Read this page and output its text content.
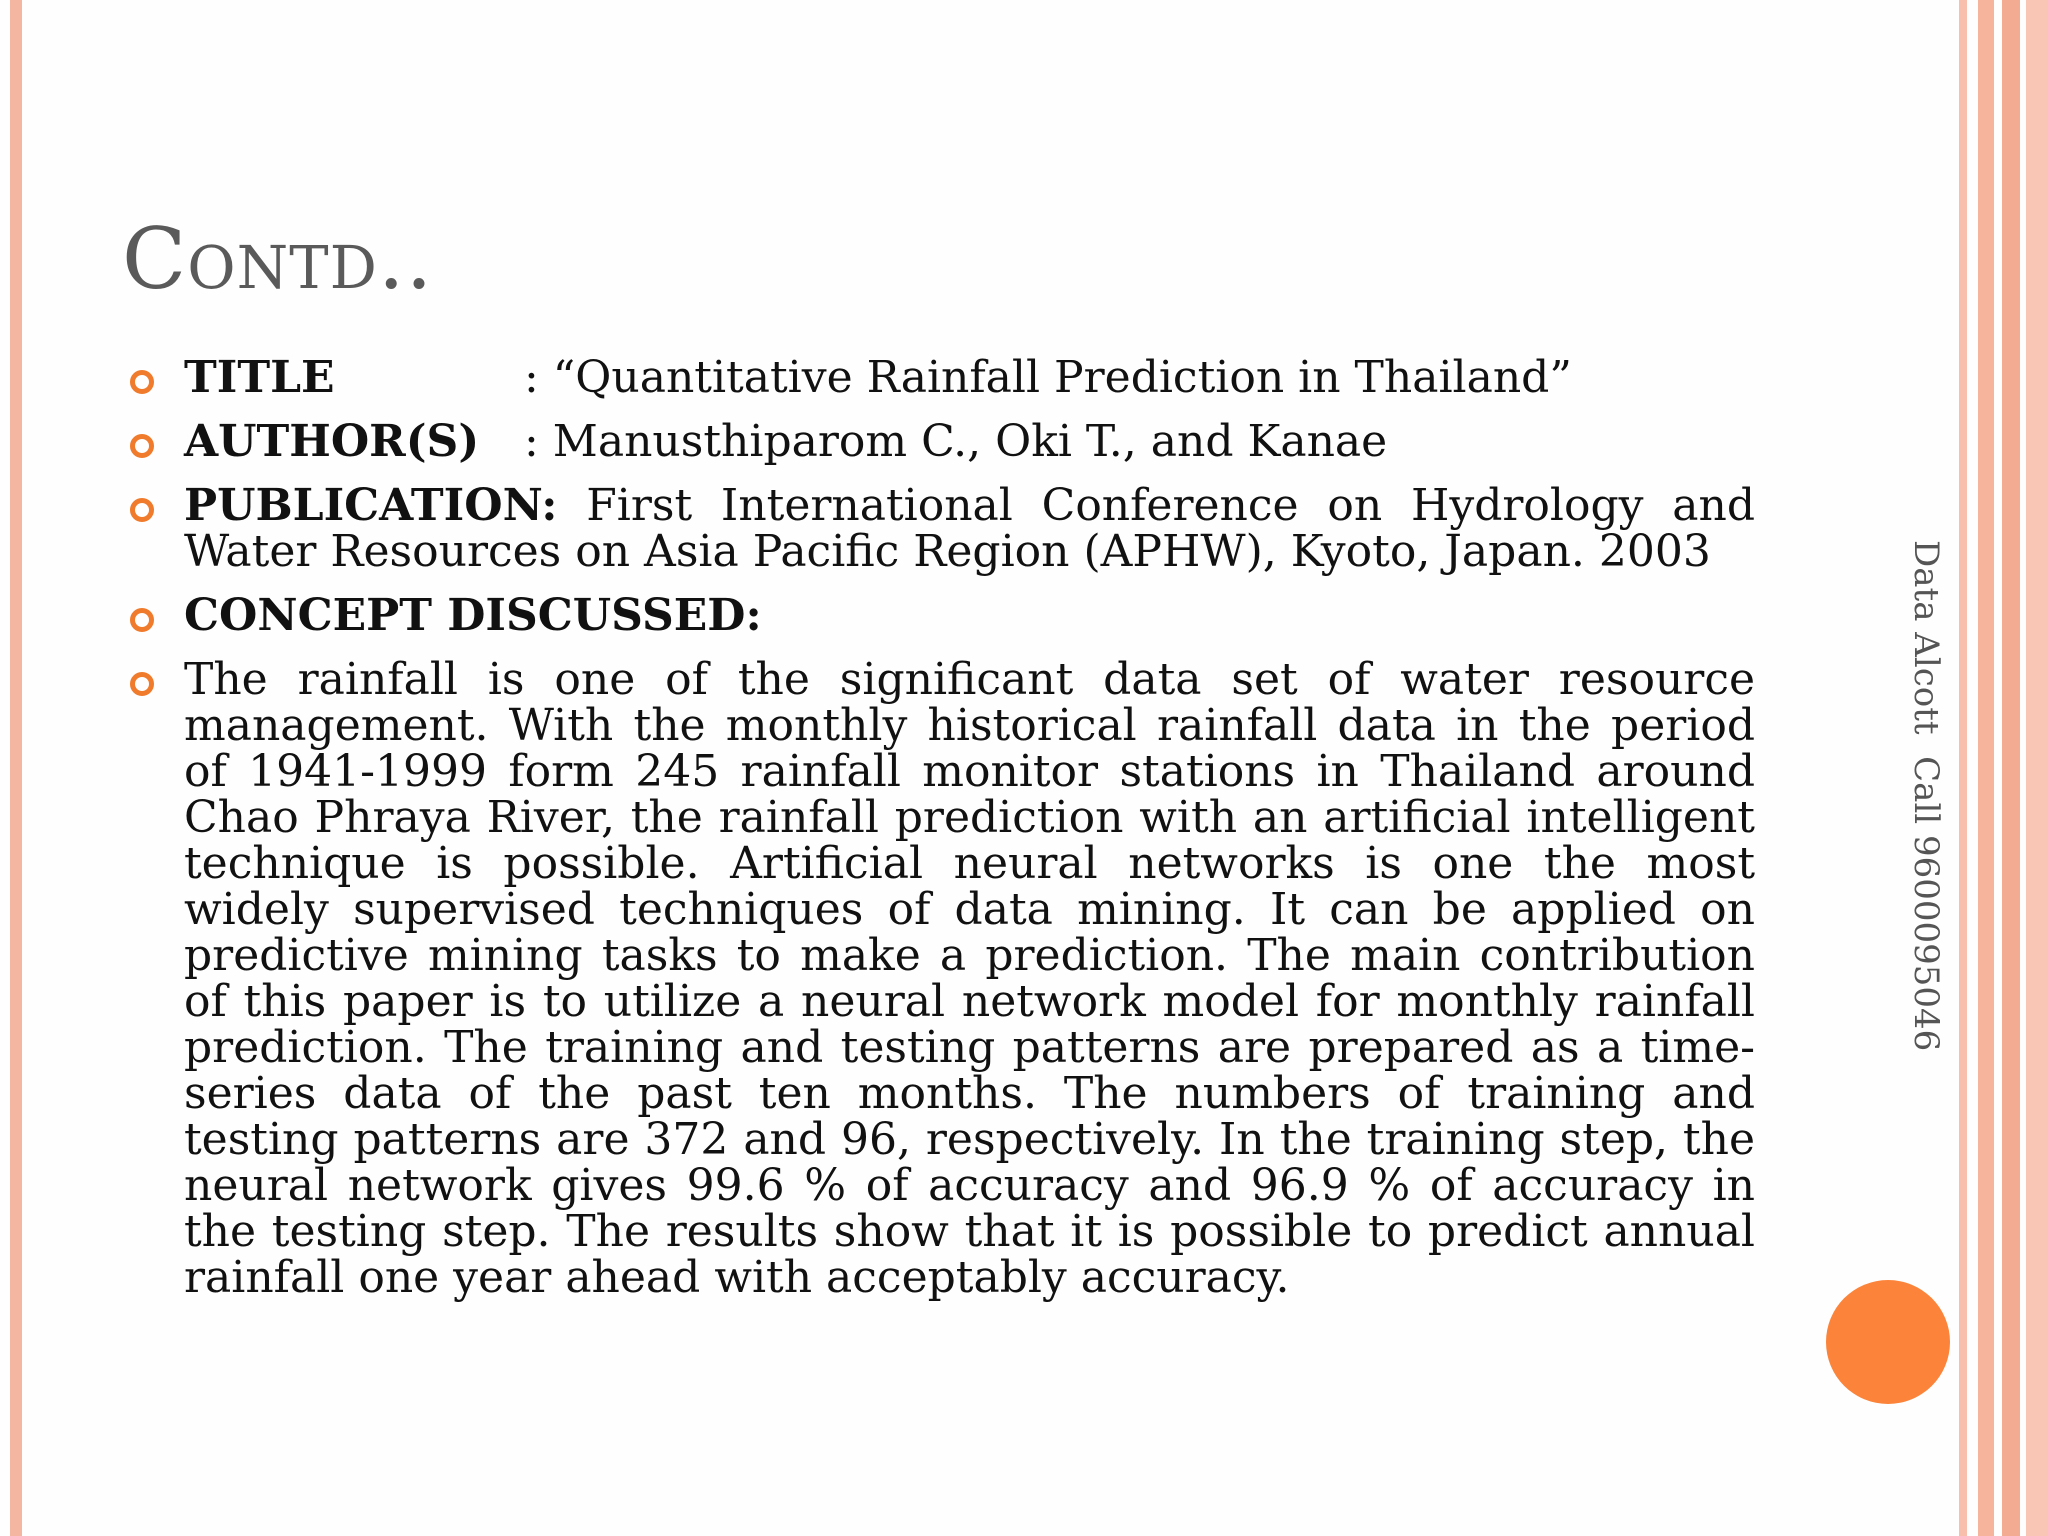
Contd..
TITLE	: “Quantitative Rainfall Prediction in Thailand”
AUTHOR(S) : Manusthiparom C., Oki T., and Kanae
PUBLICATION: First International Conference on Hydrology and Water Resources on Asia Pacific Region (APHW), Kyoto, Japan. 2003
CONCEPT DISCUSSED:
The rainfall is one of the significant data set of water resource management. With the monthly historical rainfall data in the period of 1941-1999 form 245 rainfall monitor stations in Thailand around Chao Phraya River, the rainfall prediction with an artificial intelligent technique is possible. Artificial neural networks is one the most widely supervised techniques of data mining. It can be applied on predictive mining tasks to make a prediction. The main contribution of this paper is to utilize a neural network model for monthly rainfall prediction. The training and testing patterns are prepared as a time-series data of the past ten months. The numbers of training and testing patterns are 372 and 96, respectively. In the training step, the neural network gives 99.6 % of accuracy and 96.9 % of accuracy in the testing step. The results show that it is possible to predict annual rainfall one year ahead with acceptably accuracy.
Data Alcott  Call 9600095046
